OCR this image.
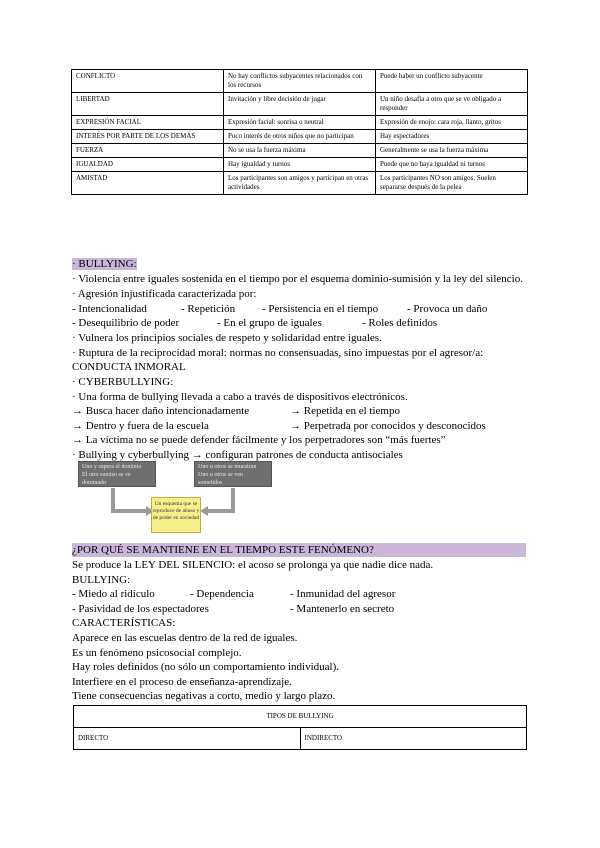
CONFLICTO	No hay conflictos subyacentes relacionados con los recursos	Puede haber un conflicto subyacente
LIBERTAD	Invitación y libre decisión de jugar	Un niño desafía a otro que se ve obligado a responder
EXPRESIÓN FACIAL	Expresión facial: sonrisa o neutral	Expresión de enojo: cara roja, llanto, gritos
INTERÉS POR PARTE DE LOS DEMÁS	Poco interés de otros niños que no participan	Hay espectadores
FUERZA	No se usa la fuerza máxima	Generalmente se usa la fuerza máxima
IGUALDAD	Hay igualdad y turnos	Puede que no haya igualdad ni turnos
AMISTAD	Los participantes son amigos y participan en otras actividades	Los participantes NO son amigos. Suelen separarse después de la pelea
· BULLYING:
· Violencia entre iguales sostenida en el tiempo por el esquema dominio-sumisión y la ley del silencio.
· Agresión injustificada caracterizada por:
- Intencionalidad	- Repetición - Persistencia en el tiempo	- Provoca un daño
- Desequilibrio de poder	- En el grupo de iguales	- Roles definidos
· Vulnera los principios sociales de respeto y solidaridad entre iguales.
· Ruptura de la reciprocidad moral: normas no consensuadas, sino impuestas por el agresor/a:
CONDUCTA INMORAL
· CYBERBULLYING:
· Una forma de bullying llevada a cabo a través de dispositivos electrónicos.
→ Busca hacer daño intencionadamente	→ Repetida en el tiempo
→ Dentro y fuera de la escuela	→ Perpetrada por conocidos y desconocidos
→ La víctima no se puede defender fácilmente y los perpetradores son “más fuertes”
· Bullying y cyberbullying → configuran patrones de conducta antisociales
Uno y supera el dominio
El otro sumiso se ve dominado
Uno u otros se muestran
Uno u otros se ven sometidos
Un esquema que se reproduce de abuso y de poder en sociedad
¿POR QUÉ SE MANTIENE EN EL TIEMPO ESTE FENÓMENO?
Se produce la LEY DEL SILENCIO: el acoso se prolonga ya que nadie dice nada.
BULLYING:
- Miedo al ridículo	- Dependencia	- Inmunidad del agresor
- Pasividad de los espectadores	- Mantenerlo en secreto
CARACTERÍSTICAS:
Aparece en las escuelas dentro de la red de iguales.
Es un fenómeno psicosocial complejo.
Hay roles definidos (no sólo un comportamiento individual).
Interfiere en el proceso de enseñanza-aprendizaje.
Tiene consecuencias negativas a corto, medio y largo plazo.
TIPOS DE BULLYING
DIRECTO	INDIRECTO
